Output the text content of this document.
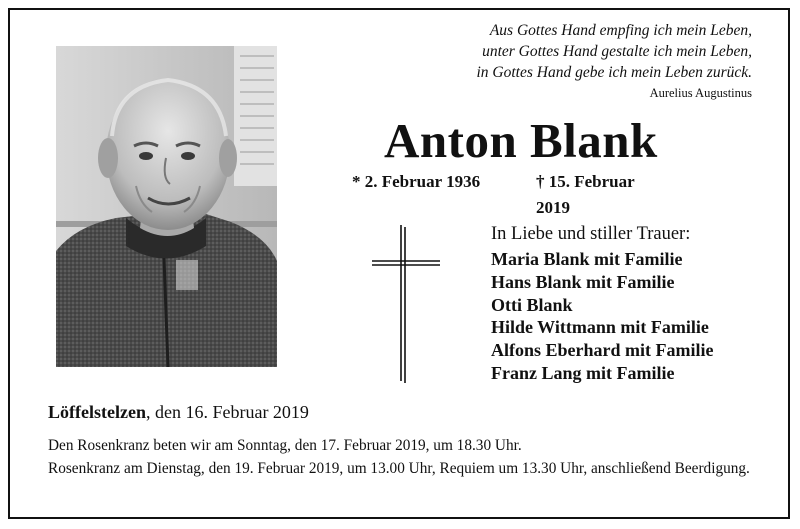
Aus Gottes Hand empfing ich mein Leben,
unter Gottes Hand gestalte ich mein Leben,
in Gottes Hand gebe ich mein Leben zurück.
Aurelius Augustinus
Anton Blank
* 2. Februar 1936	† 15. Februar 2019
In Liebe und stiller Trauer:
Maria Blank mit Familie
Hans Blank mit Familie
Otti Blank
Hilde Wittmann mit Familie
Alfons Eberhard mit Familie
Franz Lang mit Familie
Löffelstelzen, den 16. Februar 2019

Den Rosenkranz beten wir am Sonntag, den 17. Februar 2019, um 18.30 Uhr.

Rosenkranz am Dienstag, den 19. Februar 2019, um 13.00 Uhr, Requiem um 13.30 Uhr, anschließend Beerdigung.
